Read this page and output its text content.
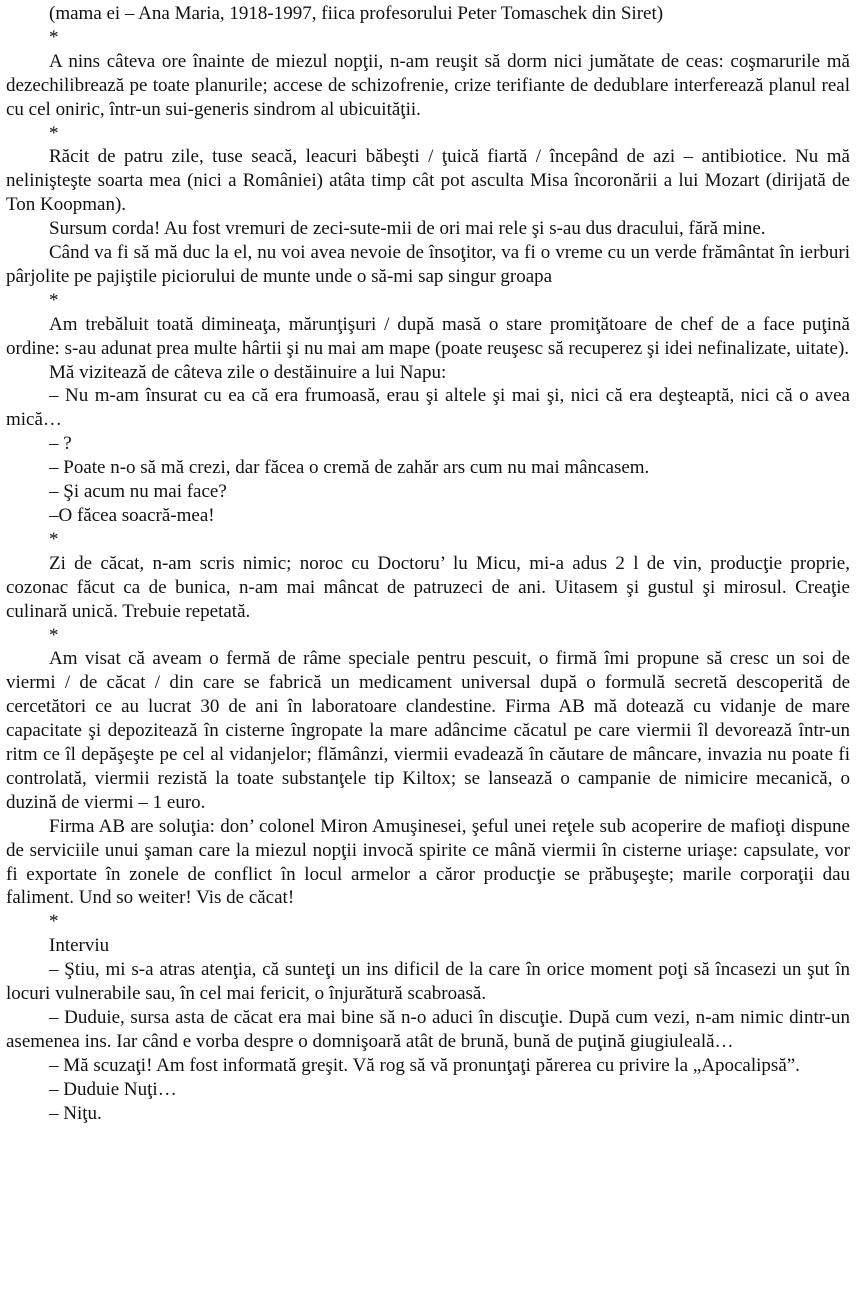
(mama ei – Ana Maria, 1918-1997, fiica profesorului Peter Tomaschek din Siret)

*

A nins câteva ore înainte de miezul nopţii, n-am reuşit să dorm nici jumătate de ceas: coşmarurile mă dezechilibrează pe toate planurile; accese de schizofrenie, crize terifiante de dedublare interferează planul real cu cel oniric, într-un sui-generis sindrom al ubicuităţii.

*

Răcit de patru zile, tuse seacă, leacuri băbeşti / ţuică fiartă / începând de azi – antibiotice. Nu mă nelinişteşte soarta mea (nici a României) atâta timp cât pot asculta Misa încoronării a lui Mozart (dirijată de Ton Koopman).

Sursum corda! Au fost vremuri de zeci-sute-mii de ori mai rele şi s-au dus dracului, fără mine.

Când va fi să mă duc la el, nu voi avea nevoie de însoţitor, va fi o vreme cu un verde frământat în ierburi pârjolite pe pajiştile piciorului de munte unde o să-mi sap singur groapa

*

Am trebăluit toată dimineaţa, mărunţişuri / după masă o stare promiţătoare de chef de a face puţină ordine: s-au adunat prea multe hârtii şi nu mai am mape (poate reuşesc să recuperez şi idei nefinalizate, uitate).

Mă vizitează de câteva zile o destăinuire a lui Napu:

– Nu m-am însurat cu ea că era frumoasă, erau şi altele şi mai şi, nici că era deşteaptă, nici că o avea mică…

– ?

– Poate n-o să mă crezi, dar făcea o cremă de zahăr ars cum nu mai mâncasem.

– Şi acum nu mai face?

–O făcea soacră-mea!

*

Zi de căcat, n-am scris nimic; noroc cu Doctoru’ lu Micu, mi-a adus 2 l de vin, producţie proprie, cozonac făcut ca de bunica, n-am mai mâncat de patruzeci de ani. Uitasem şi gustul şi mirosul. Creaţie culinară unică. Trebuie repetată.

*

Am visat că aveam o fermă de râme speciale pentru pescuit, o firmă îmi propune să cresc un soi de viermi / de căcat / din care se fabrică un medicament universal după o formulă secretă descoperită de cercetători ce au lucrat 30 de ani în laboratoare clandestine. Firma AB mă dotează cu vidanje de mare capacitate şi depozitează în cisterne îngropate la mare adâncime căcatul pe care viermii îl devorează într-un ritm ce îl depăşeşte pe cel al vidanjelor; flămânzi, viermii evadează în căutare de mâncare, invazia nu poate fi controlată, viermii rezistă la toate substanţele tip Kiltox; se lansează o campanie de nimicire mecanică, o duzină de viermi – 1 euro.

Firma AB are soluţia: don’ colonel Miron Amuşinesei, şeful unei reţele sub acoperire de mafioţi dispune de serviciile unui şaman care la miezul nopţii invocă spirite ce mână viermii în cisterne uriaşe: capsulate, vor fi exportate în zonele de conflict în locul armelor a căror producţie se prăbuşeşte; marile corporaţii dau faliment. Und so weiter! Vis de căcat!

*

Interviu

– Ştiu, mi s-a atras atenţia, că sunteţi un ins dificil de la care în orice moment poţi să încasezi un şut în locuri vulnerabile sau, în cel mai fericit, o înjurătură scabroasă.

– Duduie, sursa asta de căcat era mai bine să n-o aduci în discuţie. După cum vezi, n-am nimic dintr-un asemenea ins. Iar când e vorba despre o domnişoară atât de brună, bună de puţină giugiuleală…

– Mă scuzaţi! Am fost informată greşit. Vă rog să vă pronunţaţi părerea cu privire la „Apocalipsă”.

– Duduie Nuţi…

– Niţu.
